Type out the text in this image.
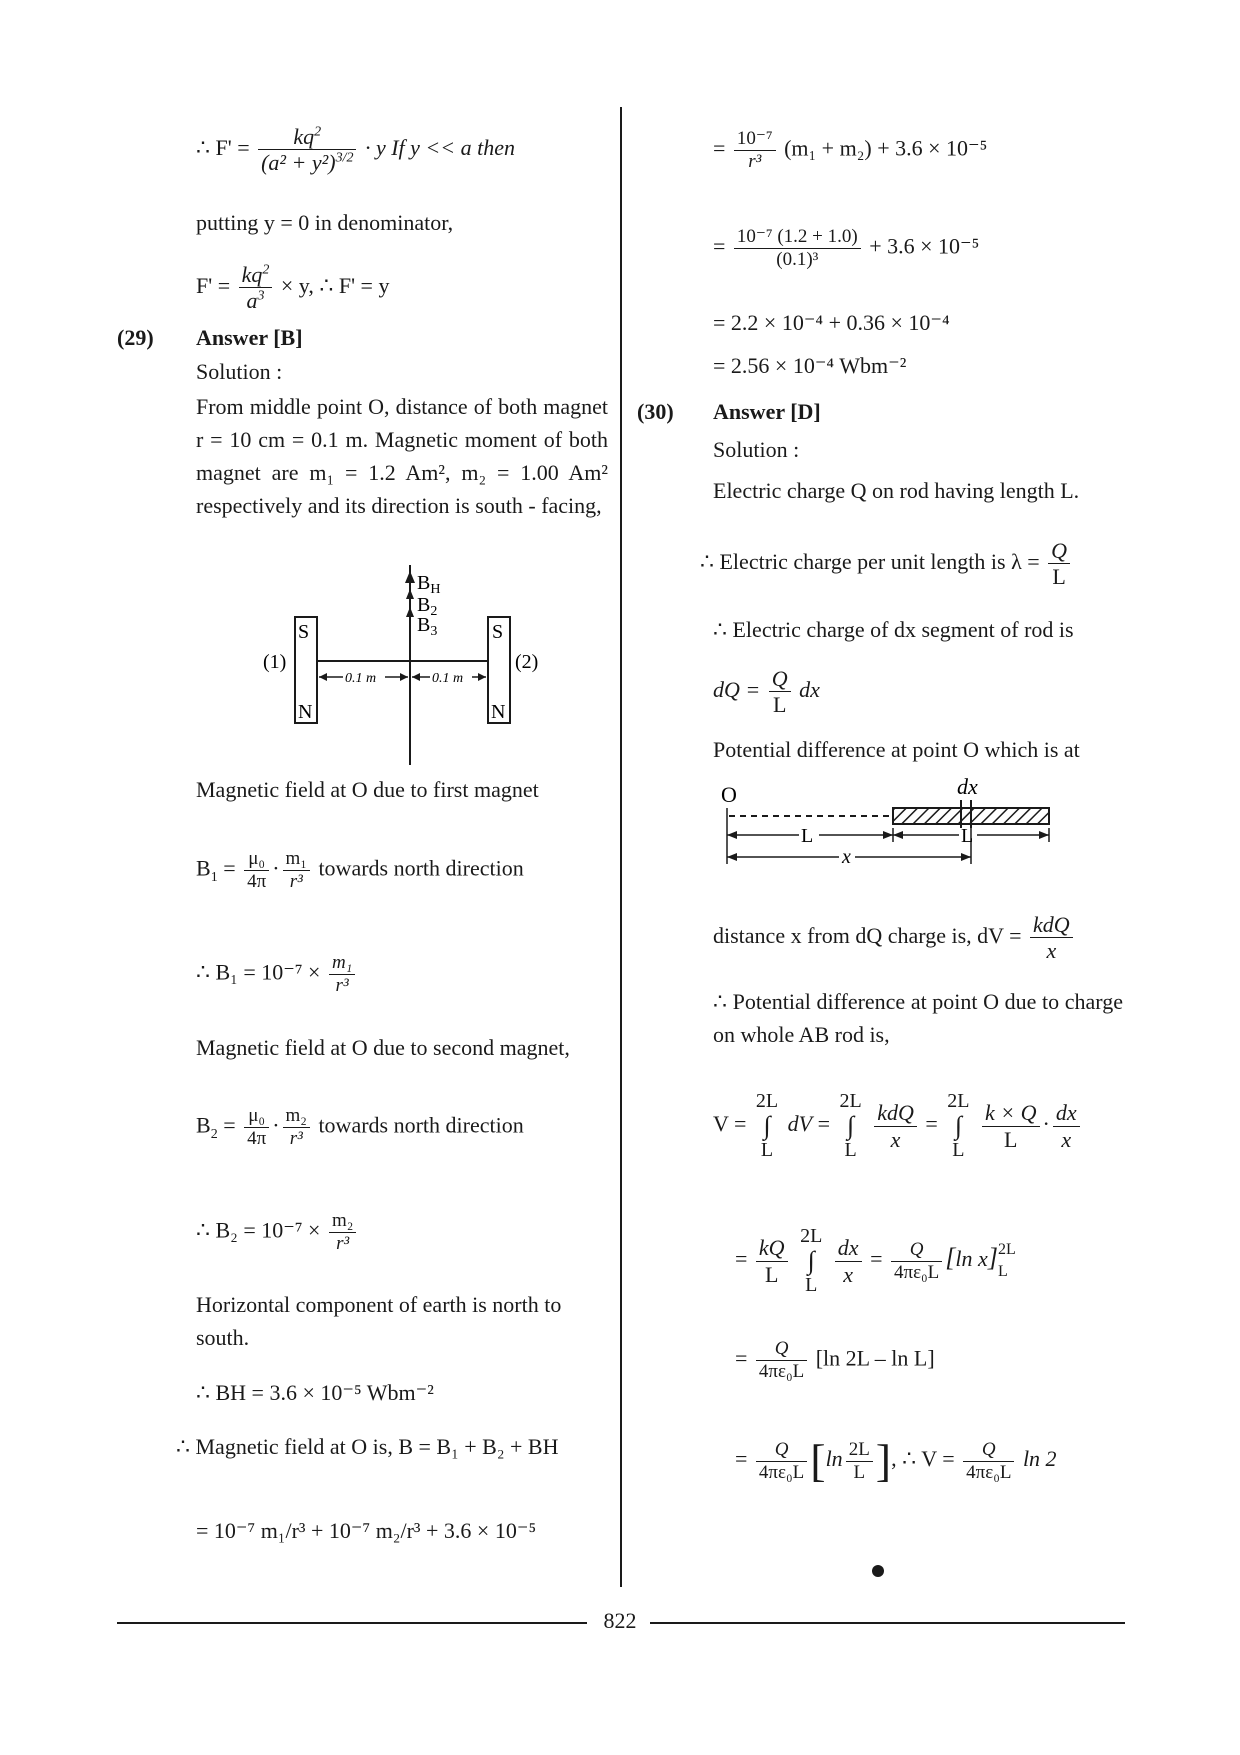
∴ $F' = \frac{kq^2}{(a^2 + y^2)^{3/2}} \cdot y$ If y << a then
putting y = 0 in denominator,
$F' = \frac{kq^2}{a^3} \times y$, ∴ F' = y
(29) Answer [B]
Solution :
From middle point O, distance of both magnet r = 10 cm = 0.1 m. Magnetic moment of both magnet are m₁ = 1.2 Am², m₂ = 1.00 Am² respectively and its direction is south - facing,
$B_H$
$B_2$
$B_3$
S
N
S
N
(1)	(2)
0.1 m	0.1 m
Magnetic field at O due to first magnet
$B_1 = \frac{\text{μ₀}}{4\pi} \cdot \frac{\text{m₁}}{\text{r³}}$ towards north direction
∴ $B_1 = 10^{-7} \times \frac{\text{m₁}}{\text{r³}}$
Magnetic field at O due to second magnet,
$B_2 = \frac{\text{μ₀}}{4\pi} \cdot \frac{\text{m₂}}{\text{r³}}$ towards north direction
∴ $B_2 = 10^{-7} \times \frac{\text{m₂}}{\text{r³}}$
Horizontal component of earth is north to south.
∴ BH = 3.6 × 10⁻⁵ Wbm⁻²
∴ Magnetic field at O is, B = B₁ + B₂ + BH
= 10⁻⁷ m₁/r³ + 10⁻⁷ m₂/r³ + 3.6 × 10⁻⁵
= $\frac{\text{10⁻⁷}}{\text{r³}} (m_1 + m_2) + 3.6 \times 10^{-5}$
= $\frac{\text{10⁻⁷ (1.2 + 1.0)}}{\text{(0.1)³}} + 3.6 \times 10^{-5}$
= 2.2 × 10⁻⁴ + 0.36 × 10⁻⁴
= 2.56 × 10⁻⁴ Wbm⁻²
(30) Answer [D]
Solution :
Electric charge Q on rod having length L.
∴ Electric charge per unit length is $\lambda = \frac{Q}{L}$
∴ Electric charge of dx segment of rod is
dQ = $\frac{Q}{L}$ dx
Potential difference at point O which is at
O	dx
L	L
x
distance x from dQ charge is, dV = $\frac{\text{kdQ}}{x}$
∴ Potential difference at point O due to charge on whole AB rod is,
V =
2L
∫
L
dV =
2L
∫
L
$\frac{\text{kdQ}}{x}$ =
2L
∫
L
$\frac{k \times Q}{L} \cdot \frac{dx}{x}$
= $\frac{kQ}{L}$
2L
∫
L
$\frac{dx}{x} = \frac{Q}{\text{4πε₀L}} [\ln$ x] 2L
L
= $\frac{Q}{\text{4πε₀L}} [\ln$ 2L – ln L]
= $\frac{Q}{\text{4πε₀L}} [\ln \frac{2L}{L}$ ], ∴ $V = \frac{Q}{\text{4πε₀L}}$ ln 2
822
